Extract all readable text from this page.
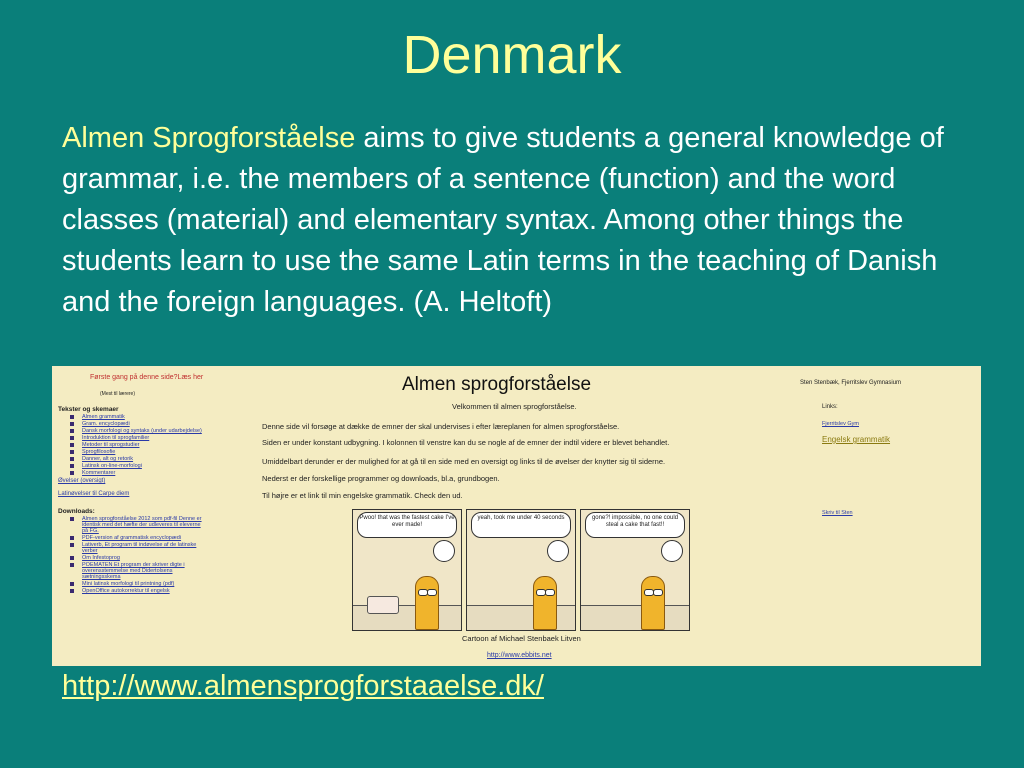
Denmark
Almen Sprogforståelse aims to give students a general knowledge of grammar, i.e. the members of a sentence (function) and the word classes (material) and elementary syntax. Among other things the students learn to use the same Latin terms in the teaching of Danish and the foreign languages. (A. Heltoft)
Første gang på denne side?Læs her
(Mest til lærere)
Tekster og skemaer
Almen grammatik
Gram. encyclopædi
Dansk morfologi og syntaks (under udarbejdelse)
Introduktion til sprogfamilier
Metoder til sprogstudier
Sprogfilosofie
Danner, alt og retorik
Latinsk on-line-morfologi
Kommentarer
Øvelser (oversigt)
Latinøvelser til Carpe diem
Downloads:
Almen sprogforståelse 2012 som pdf-fil Denne er identisk med det hæfte der udleveres til eleverne på FG.
PDF-version af grammatisk encyclopædi
Lativerb, Et program til indøvelse af de latinske verber
Om Infestoprog
POEMATEN Et program der skriver digte i overensstemmelse med Didertolsens sætningsskema
Mini latinsk morfologi til printning (pdf)
OpenOffice autokorrektur til engelsk
Almen sprogforståelse
Velkommen til almen sprogforståelse.
Denne side vil forsøge at dække de emner der skal undervises i efter læreplanen for almen sprogforståelse.
Siden er under konstant udbygning. I kolonnen til venstre kan du se nogle af de emner der indtil videre er blevet behandlet.
Umiddelbart derunder er der mulighed for at gå til en side med en oversigt og links til de øvelser der knytter sig til siderne.
Nederst er der forskellige programmer og downloads, bl.a, grundbogen.
Til højre er et link til min engelske grammatik. Check den ud.
Pwoo! that was the fastest cake I've ever made!
yeah, took me under 40 seconds	gone?! impossible, no one could steal a cake that fast!!
Cartoon af Michael Stenbaek Litven
http://www.ebbits.net
Sten Stenbæk, Fjerritslev Gymnasium
Links:
Fjerritslev Gym
Engelsk grammatik
Skriv til Sten
http://www.almensprogforstaaelse.dk/
